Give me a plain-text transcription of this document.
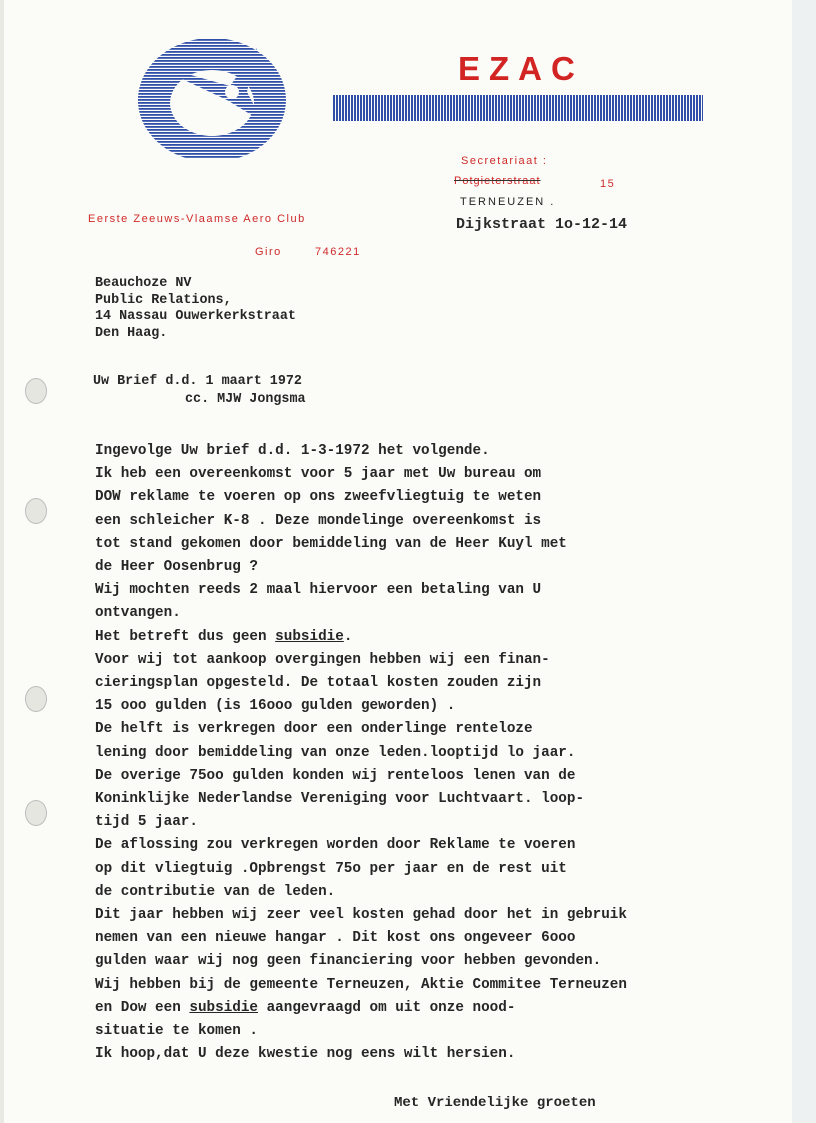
EZAC
Secretariaat :
Potgieterstraat	15
TERNEUZEN .
Dijkstraat 1o-12-14
Eerste Zeeuws-Vlaamse Aero Club
Giro	746221
Beauchoze NV
Public Relations,
14 Nassau Ouwerkerkstraat
Den Haag.
Uw Brief d.d. 1 maart 1972
cc. MJW Jongsma
Ingevolge Uw brief d.d. 1-3-1972 het volgende.
Ik heb een overeenkomst voor 5 jaar met Uw bureau om
DOW reklame te voeren op ons zweefvliegtuig te weten
een schleicher K-8 . Deze mondelinge overeenkomst is
tot stand gekomen door bemiddeling van de Heer Kuyl met
de Heer Oosenbrug ?
Wij mochten reeds 2 maal hiervoor een betaling van U
ontvangen.
Het betreft dus geen subsidie.
Voor wij tot aankoop overgingen hebben wij een finan-
cieringsplan opgesteld. De totaal kosten zouden zijn
15 ooo gulden (is 16ooo gulden geworden) .
De helft is verkregen door een onderlinge renteloze
lening door bemiddeling van onze leden.looptijd lo jaar.
De overige 75oo gulden konden wij renteloos lenen van de
Koninklijke Nederlandse Vereniging voor Luchtvaart. loop-
tijd 5 jaar.
De aflossing zou verkregen worden door Reklame te voeren
op dit vliegtuig .Opbrengst 75o per jaar en de rest uit
de contributie van de leden.
Dit jaar hebben wij zeer veel kosten gehad door het in gebruik
nemen van een nieuwe hangar . Dit kost ons ongeveer 6ooo
gulden waar wij nog geen financiering voor hebben gevonden.
Wij hebben bij de gemeente Terneuzen, Aktie Commitee Terneuzen
en Dow een subsidie aangevraagd om uit onze nood-
situatie te komen .
Ik hoop,dat U deze kwestie nog eens wilt hersien.
Met Vriendelijke groeten
